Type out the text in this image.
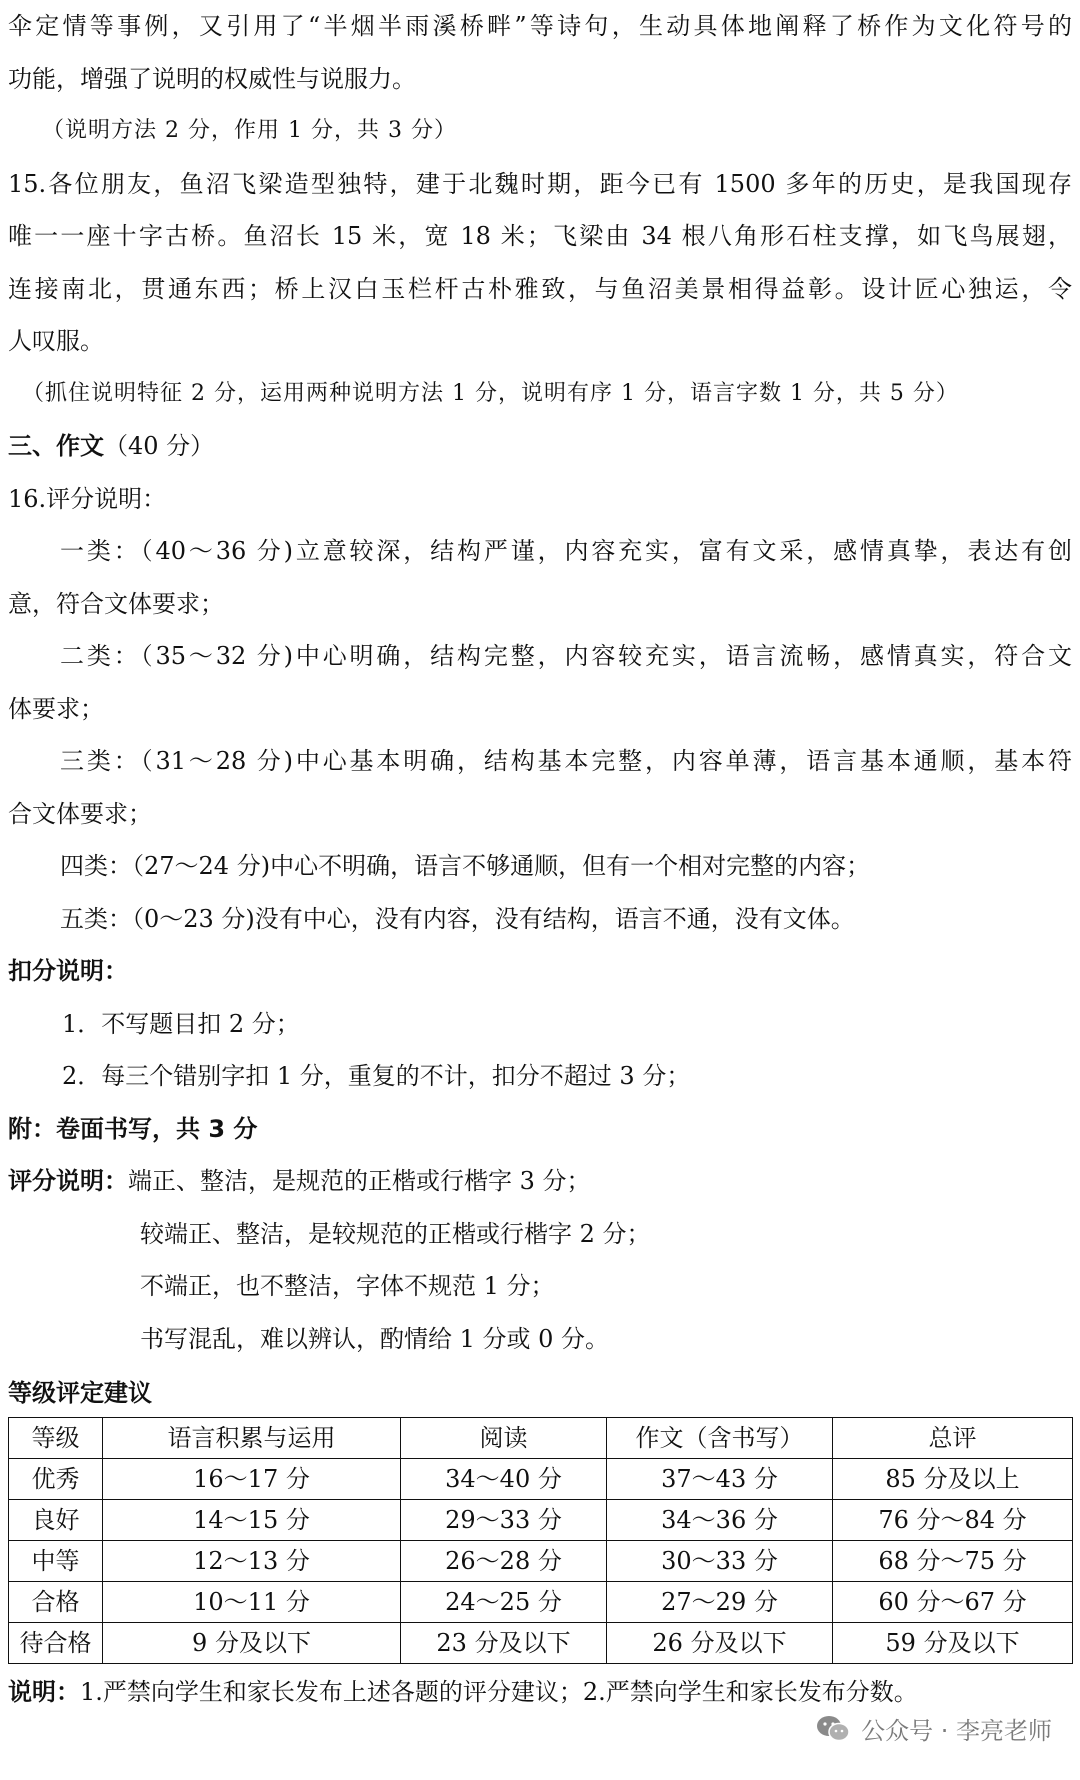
伞定情等事例，又引用了“半烟半雨溪桥畔”等诗句，生动具体地阐释了桥作为文化符号的
功能，增强了说明的权威性与说服力。
（说明方法 2 分，作用 1 分，共 3 分）
15.各位朋友，鱼沼飞梁造型独特，建于北魏时期，距今已有 1500 多年的历史，是我国现存
唯一一座十字古桥。鱼沼长 15 米，宽 18 米；飞梁由 34 根八角形石柱支撑，如飞鸟展翅，
连接南北，贯通东西；桥上汉白玉栏杆古朴雅致，与鱼沼美景相得益彰。设计匠心独运，令
人叹服。
（抓住说明特征 2 分，运用两种说明方法 1 分，说明有序 1 分，语言字数 1 分，共 5 分）
三、作文（40 分）
16.评分说明：
一类：（40～36 分)立意较深，结构严谨，内容充实，富有文采，感情真挚，表达有创
意，符合文体要求；
二类：（35～32 分)中心明确，结构完整，内容较充实，语言流畅，感情真实，符合文
体要求；
三类：（31～28 分)中心基本明确，结构基本完整，内容单薄，语言基本通顺，基本符
合文体要求；
四类：（27～24 分)中心不明确，语言不够通顺，但有一个相对完整的内容；
五类：（0～23 分)没有中心，没有内容，没有结构，语言不通，没有文体。
扣分说明：
1．不写题目扣 2 分；
2．每三个错别字扣 1 分，重复的不计，扣分不超过 3 分；
附：卷面书写，共 3 分
评分说明：端正、整洁，是规范的正楷或行楷字 3 分；
较端正、整洁，是较规范的正楷或行楷字 2 分；
不端正，也不整洁，字体不规范 1 分；
书写混乱，难以辨认，酌情给 1 分或 0 分。
等级评定建议
等级	语言积累与运用	阅读	作文（含书写）	总评
优秀	16～17 分	34～40 分	37～43 分	85 分及以上
良好	14～15 分	29～33 分	34～36 分	76 分～84 分
中等	12～13 分	26～28 分	30～33 分	68 分～75 分
合格	10～11 分	24～25 分	27～29 分	60 分～67 分
待合格	9 分及以下	23 分及以下	26 分及以下	59 分及以下
说明：1.严禁向学生和家长发布上述各题的评分建议；2.严禁向学生和家长发布分数。
公众号 · 李亮老师
